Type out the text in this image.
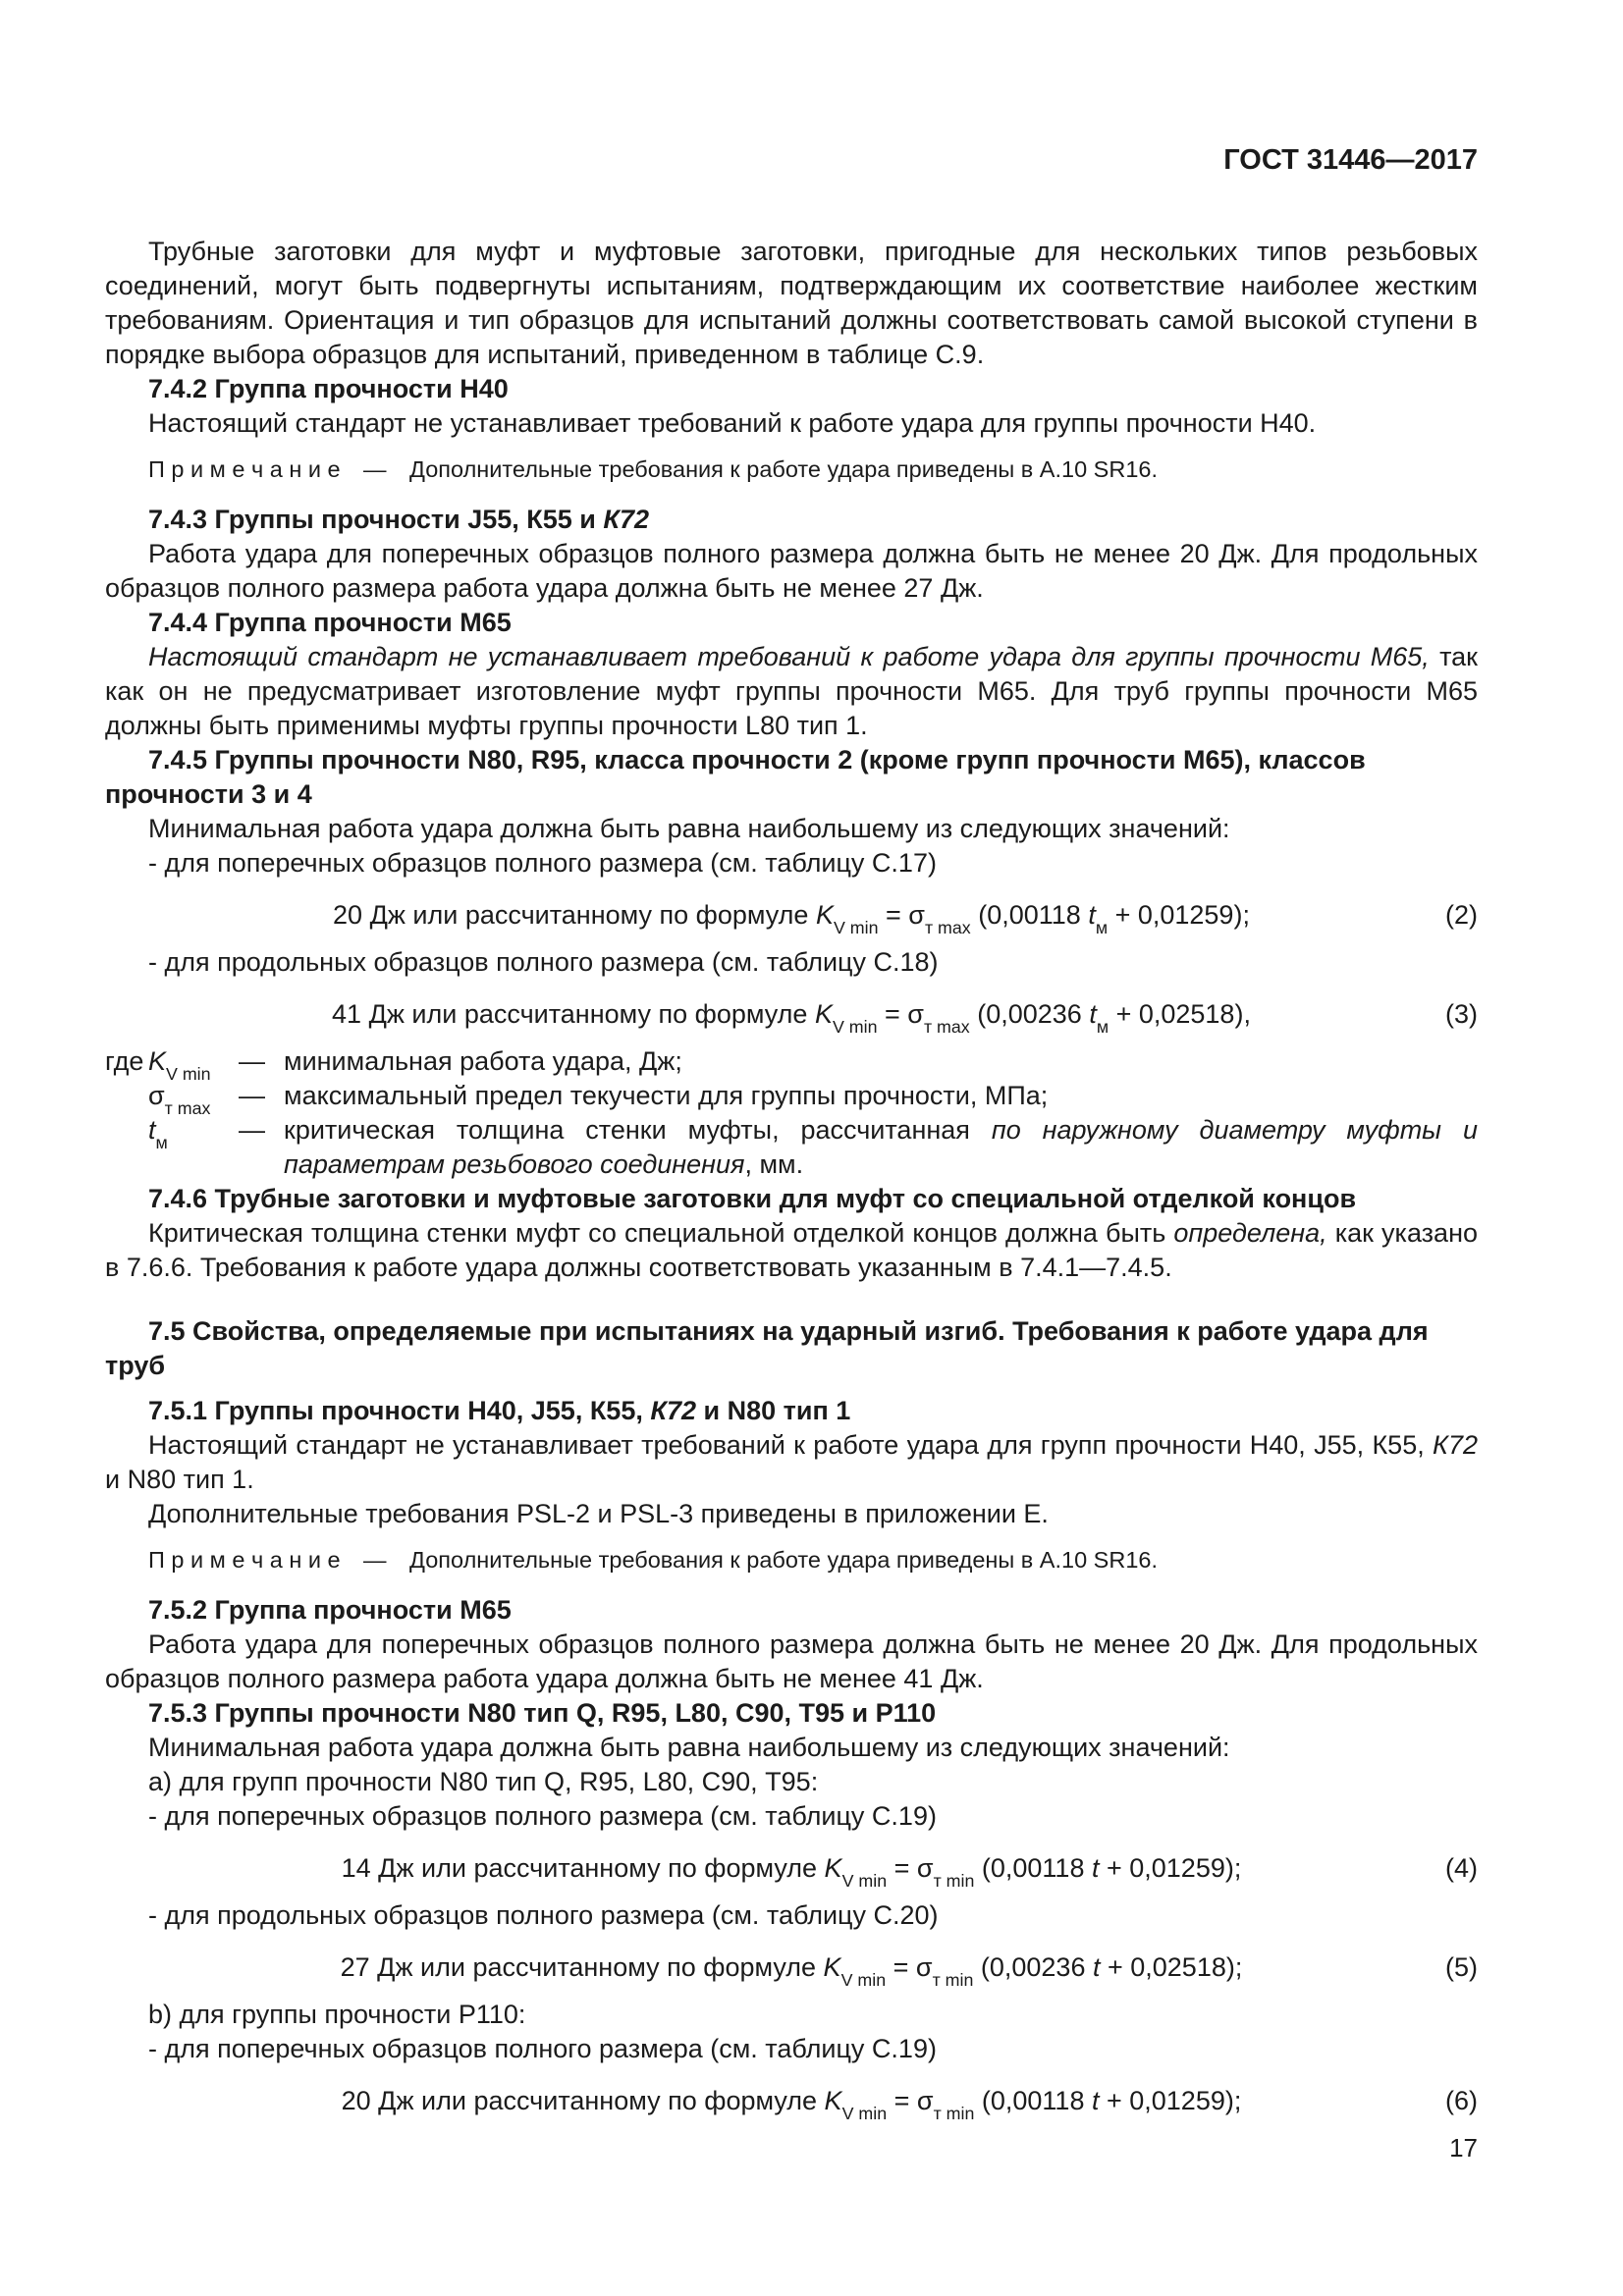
ГОСТ 31446—2017

Трубные заготовки для муфт и муфтовые заготовки, пригодные для нескольких типов резьбовых соединений, могут быть подвергнуты испытаниям, подтверждающим их соответствие наиболее жестким требованиям. Ориентация и тип образцов для испытаний должны соответствовать самой высокой ступени в порядке выбора образцов для испытаний, приведенном в таблице С.9.

7.4.2 Группа прочности Н40

Настоящий стандарт не устанавливает требований к работе удара для группы прочности Н40.

П р и м е ч а н и е — Дополнительные требования к работе удара приведены в А.10 SR16.

7.4.3 Группы прочности J55, К55 и К72

Работа удара для поперечных образцов полного размера должна быть не менее 20 Дж. Для продольных образцов полного размера работа удара должна быть не менее 27 Дж.

7.4.4 Группа прочности М65

Настоящий стандарт не устанавливает требований к работе удара для группы прочности М65, так как он не предусматривает изготовление муфт группы прочности М65. Для труб группы прочности М65 должны быть применимы муфты группы прочности L80 тип 1.

7.4.5 Группы прочности N80, R95, класса прочности 2 (кроме групп прочности М65), классов прочности 3 и 4

Минимальная работа удара должна быть равна наибольшему из следующих значений:

- для поперечных образцов полного размера (см. таблицу С.17)

20 Дж или рассчитанному по формуле $K_{V min} = \sigma_{т max}$ (0,00118 $t_м + 0,01259$);	(2)

- для продольных образцов полного размера (см. таблицу С.18)

41 Дж или рассчитанному по формуле $K_{V min} = \sigma_{т max}$ (0,00236 $t_м + 0,02518$),	(3)
где $K_{V min}$	— минимальная работа удара, Дж;
$\sigma_{т max}$	— максимальный предел текучести для группы прочности, МПа;
$t_м$	— критическая толщина стенки муфты, рассчитанная по наружному диаметру муфты и параметрам резьбового соединения, мм.

7.4.6 Трубные заготовки и муфтовые заготовки для муфт со специальной отделкой концов

Критическая толщина стенки муфт со специальной отделкой концов должна быть определена, как указано в 7.6.6. Требования к работе удара должны соответствовать указанным в 7.4.1—7.4.5.

7.5 Свойства, определяемые при испытаниях на ударный изгиб. Требования к работе удара для труб

7.5.1 Группы прочности Н40, J55, К55, К72 и N80 тип 1

Настоящий стандарт не устанавливает требований к работе удара для групп прочности Н40, J55, К55, К72 и N80 тип 1.

Дополнительные требования PSL-2 и PSL-3 приведены в приложении Е.

П р и м е ч а н и е — Дополнительные требования к работе удара приведены в А.10 SR16.

7.5.2 Группа прочности М65

Работа удара для поперечных образцов полного размера должна быть не менее 20 Дж. Для продольных образцов полного размера работа удара должна быть не менее 41 Дж.

7.5.3 Группы прочности N80 тип Q, R95, L80, С90, Т95 и Р110

Минимальная работа удара должна быть равна наибольшему из следующих значений:

а) для групп прочности N80 тип Q, R95, L80, С90, Т95:

- для поперечных образцов полного размера (см. таблицу С.19)

14 Дж или рассчитанному по формуле $K_{V min} = \sigma_{т min}$ (0,00118 t + 0,01259);	(4)

- для продольных образцов полного размера (см. таблицу С.20)

27 Дж или рассчитанному по формуле $K_{V min} = \sigma_{т min}$ (0,00236 t + 0,02518);	(5)

b) для группы прочности Р110:

- для поперечных образцов полного размера (см. таблицу С.19)

20 Дж или рассчитанному по формуле $K_{V min} = \sigma_{т min}$ (0,00118 t + 0,01259);	(6)
17
